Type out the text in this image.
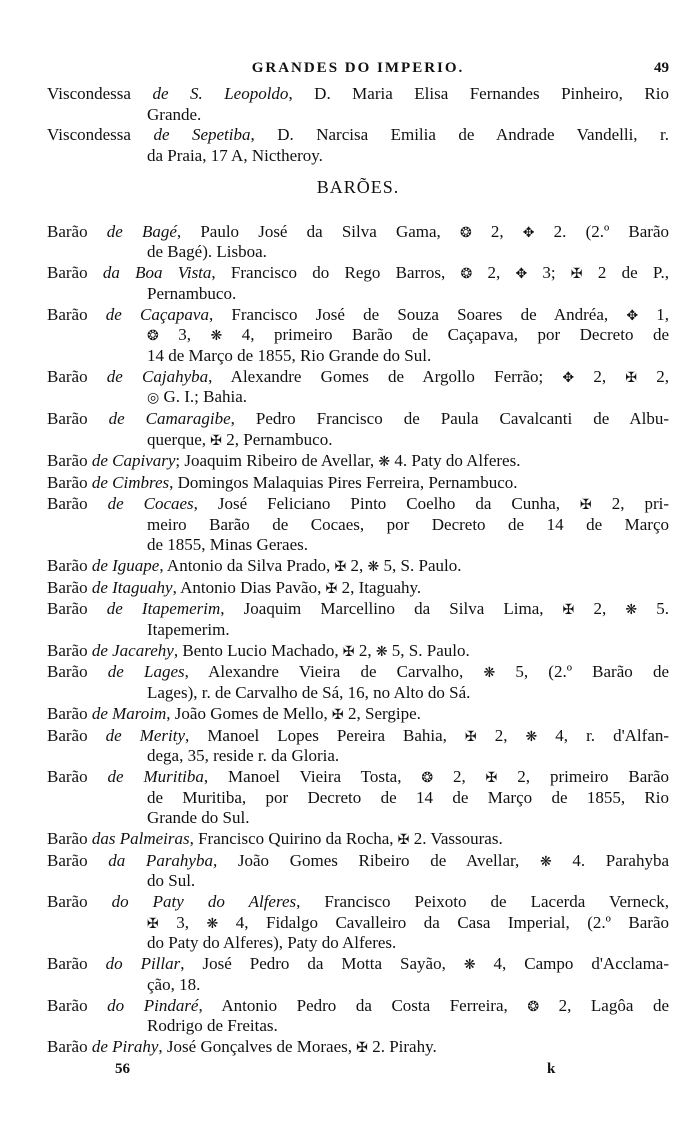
GRANDES DO IMPERIO.	49
Viscondessa de S. Leopoldo, D. Maria Elisa Fernandes Pinheiro, Rio
Grande.
Viscondessa de Sepetiba, D. Narcisa Emilia de Andrade Vandelli, r.
da Praia, 17 A, Nictheroy.
BARÕES.
Barão de Bagé, Paulo José da Silva Gama, ❂ 2, ✥ 2. (2.º Barão
de Bagé). Lisboa.
Barão da Boa Vista, Francisco do Rego Barros, ❂ 2, ✥ 3; ✠ 2 de P.,
Pernambuco.
Barão de Caçapava, Francisco José de Souza Soares de Andréa, ✥ 1,
❂ 3, ❋ 4, primeiro Barão de Caçapava, por Decreto de
14 de Março de 1855, Rio Grande do Sul.
Barão de Cajahyba, Alexandre Gomes de Argollo Ferrão; ✥ 2, ✠ 2,
◎ G. I.; Bahia.
Barão de Camaragibe, Pedro Francisco de Paula Cavalcanti de Albu-
querque, ✠ 2, Pernambuco.
Barão de Capivary; Joaquim Ribeiro de Avellar, ❋ 4. Paty do Alferes.
Barão de Cimbres, Domingos Malaquias Pires Ferreira, Pernambuco.
Barão de Cocaes, José Feliciano Pinto Coelho da Cunha, ✠ 2, pri-
meiro Barão de Cocaes, por Decreto de 14 de Março
de 1855, Minas Geraes.
Barão de Iguape, Antonio da Silva Prado, ✠ 2, ❋ 5, S. Paulo.
Barão de Itaguahy, Antonio Dias Pavão, ✠ 2, Itaguahy.
Barão de Itapemerim, Joaquim Marcellino da Silva Lima, ✠ 2, ❋ 5.
Itapemerim.
Barão de Jacarehy, Bento Lucio Machado, ✠ 2, ❋ 5, S. Paulo.
Barão de Lages, Alexandre Vieira de Carvalho, ❋ 5, (2.º Barão de
Lages), r. de Carvalho de Sá, 16, no Alto do Sá.
Barão de Maroim, João Gomes de Mello, ✠ 2, Sergipe.
Barão de Merity, Manoel Lopes Pereira Bahia, ✠ 2, ❋ 4, r. d'Alfan-
dega, 35, reside r. da Gloria.
Barão de Muritiba, Manoel Vieira Tosta, ❂ 2, ✠ 2, primeiro Barão
de Muritiba, por Decreto de 14 de Março de 1855, Rio
Grande do Sul.
Barão das Palmeiras, Francisco Quirino da Rocha, ✠ 2. Vassouras.
Barão da Parahyba, João Gomes Ribeiro de Avellar, ❋ 4. Parahyba
do Sul.
Barão do Paty do Alferes, Francisco Peixoto de Lacerda Verneck,
✠ 3, ❋ 4, Fidalgo Cavalleiro da Casa Imperial, (2.º Barão
do Paty do Alferes), Paty do Alferes.
Barão do Pillar, José Pedro da Motta Sayão, ❋ 4, Campo d'Acclama-
ção, 18.
Barão do Pindaré, Antonio Pedro da Costa Ferreira, ❂ 2, Lagôa de
Rodrigo de Freitas.
Barão de Pirahy, José Gonçalves de Moraes, ✠ 2. Pirahy.
56	k
